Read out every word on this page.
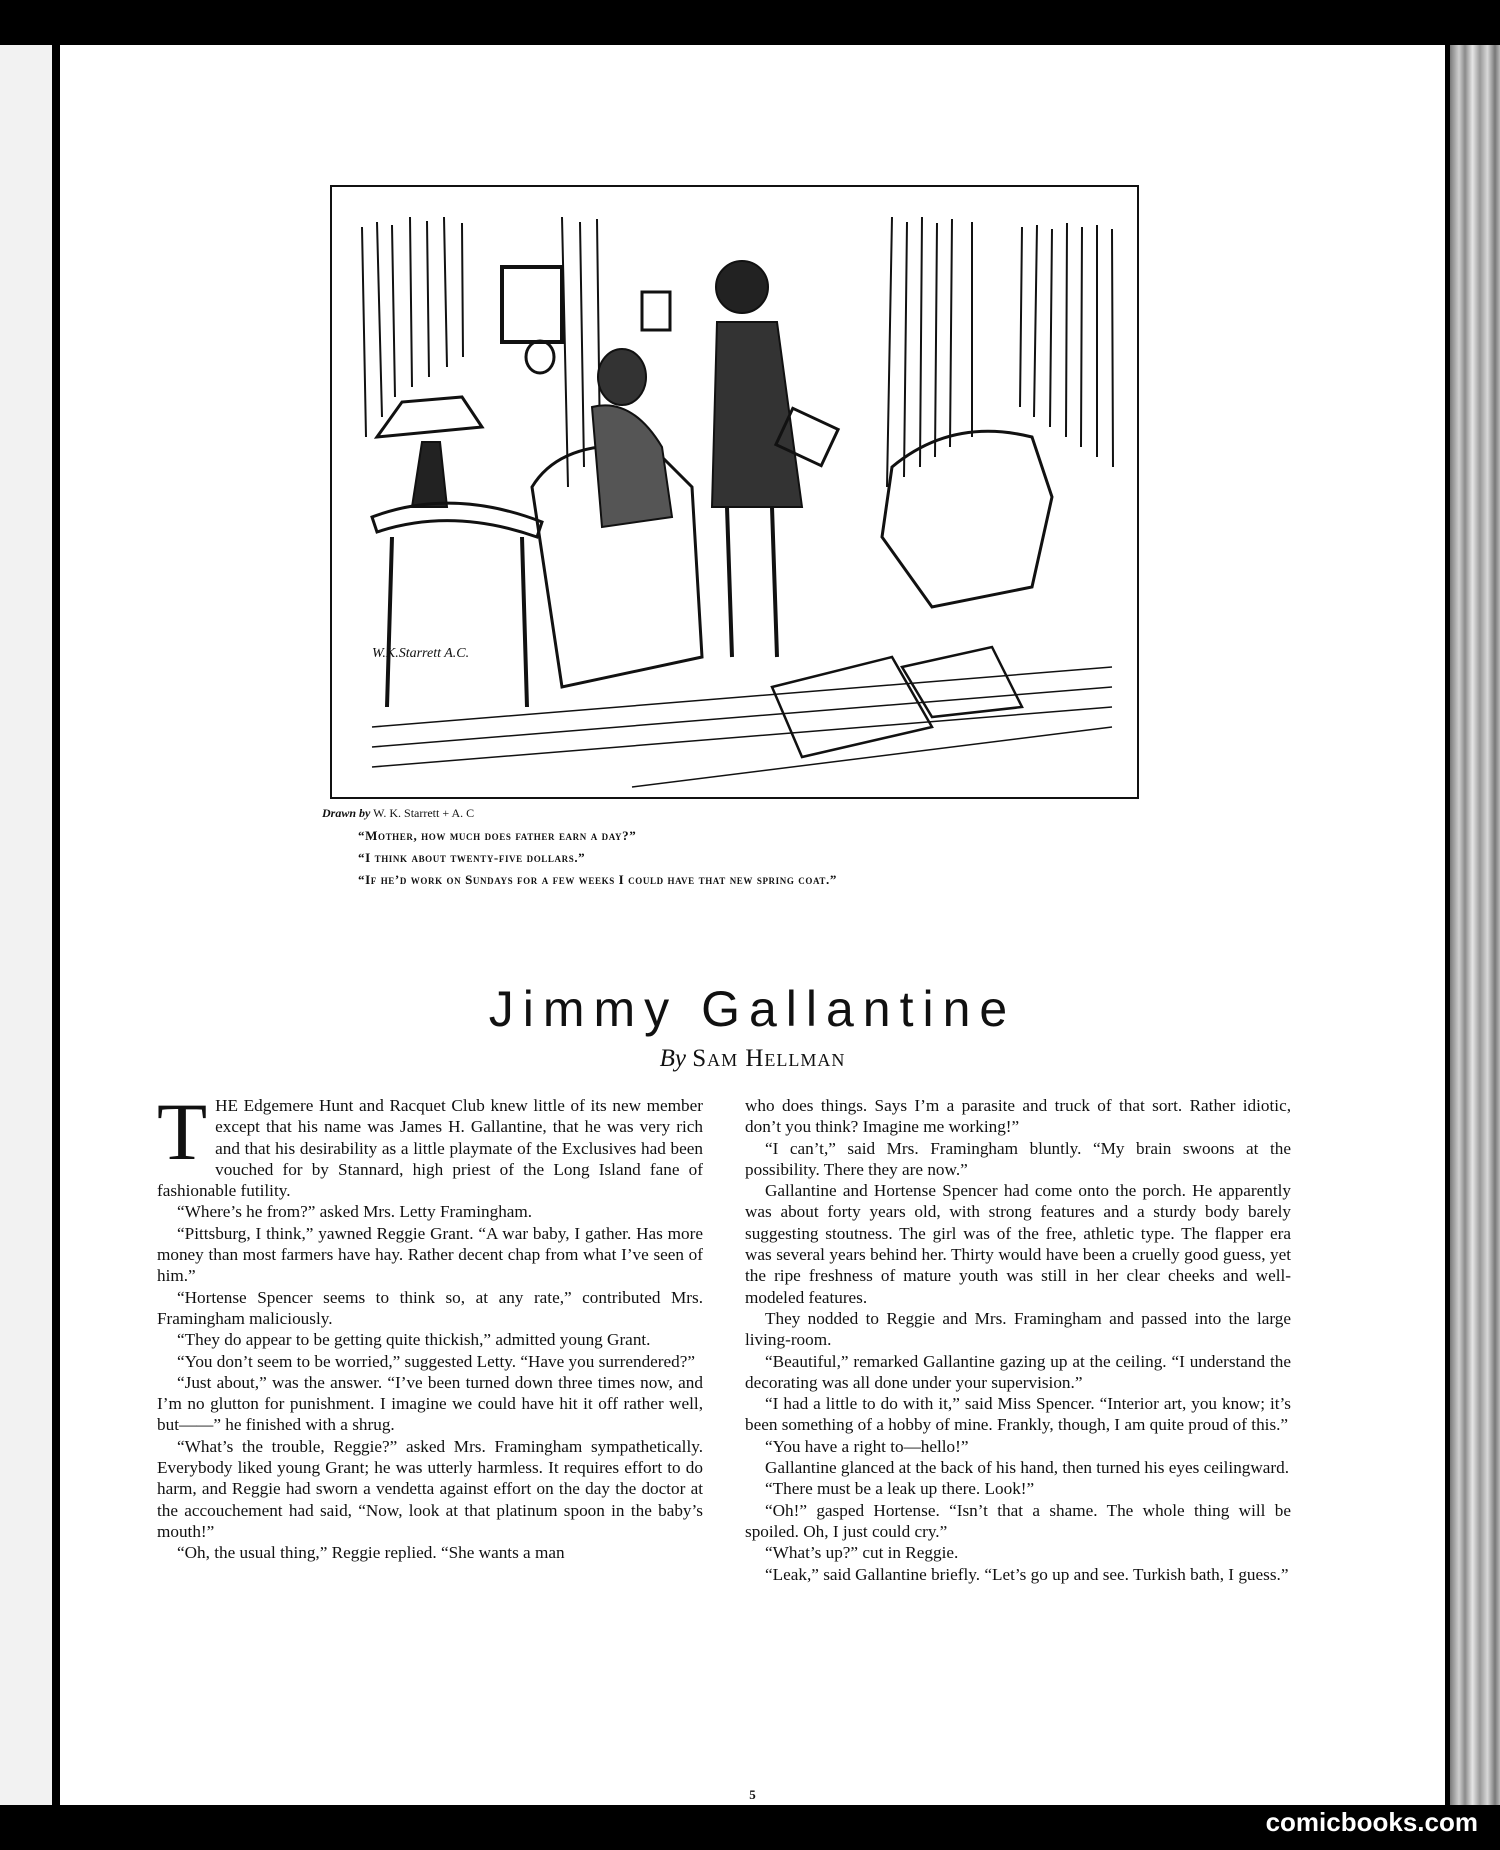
W.K.Starrett A.C.
Drawn by W. K. Starrett + A. C
“Mother, how much does father earn a day?”
“I think about twenty-five dollars.”
“If he’d work on Sundays for a few weeks I could have that new spring coat.”
Jimmy Gallantine
By Sam Hellman

THE Edgemere Hunt and Racquet Club knew little of its new member except that his name was James H. Gallantine, that he was very rich and that his desirability as a little playmate of the Exclusives had been vouched for by Stannard, high priest of the Long Island fane of fashionable futility.

“Where’s he from?” asked Mrs. Letty Framingham.

“Pittsburg, I think,” yawned Reggie Grant. “A war baby, I gather. Has more money than most farmers have hay. Rather decent chap from what I’ve seen of him.”

“Hortense Spencer seems to think so, at any rate,” contributed Mrs. Framingham maliciously.

“They do appear to be getting quite thickish,” admitted young Grant.

“You don’t seem to be worried,” suggested Letty. “Have you surrendered?”

“Just about,” was the answer. “I’ve been turned down three times now, and I’m no glutton for punishment. I imagine we could have hit it off rather well, but——” he finished with a shrug.

“What’s the trouble, Reggie?” asked Mrs. Framingham sympathetically. Everybody liked young Grant; he was utterly harmless. It requires effort to do harm, and Reggie had sworn a vendetta against effort on the day the doctor at the accouchement had said, “Now, look at that platinum spoon in the baby’s mouth!”

“Oh, the usual thing,” Reggie replied. “She wants a man

who does things. Says I’m a parasite and truck of that sort. Rather idiotic, don’t you think? Imagine me working!”

“I can’t,” said Mrs. Framingham bluntly. “My brain swoons at the possibility. There they are now.”

Gallantine and Hortense Spencer had come onto the porch. He apparently was about forty years old, with strong features and a sturdy body barely suggesting stoutness. The girl was of the free, athletic type. The flapper era was several years behind her. Thirty would have been a cruelly good guess, yet the ripe freshness of mature youth was still in her clear cheeks and well-modeled features.

They nodded to Reggie and Mrs. Framingham and passed into the large living-room.

“Beautiful,” remarked Gallantine gazing up at the ceiling. “I understand the decorating was all done under your supervision.”

“I had a little to do with it,” said Miss Spencer. “Interior art, you know; it’s been something of a hobby of mine. Frankly, though, I am quite proud of this.”

“You have a right to—hello!”

Gallantine glanced at the back of his hand, then turned his eyes ceilingward.

“There must be a leak up there. Look!”

“Oh!” gasped Hortense. “Isn’t that a shame. The whole thing will be spoiled. Oh, I just could cry.”

“What’s up?” cut in Reggie.

“Leak,” said Gallantine briefly. “Let’s go up and see. Turkish bath, I guess.”

5
comicbooks.com
